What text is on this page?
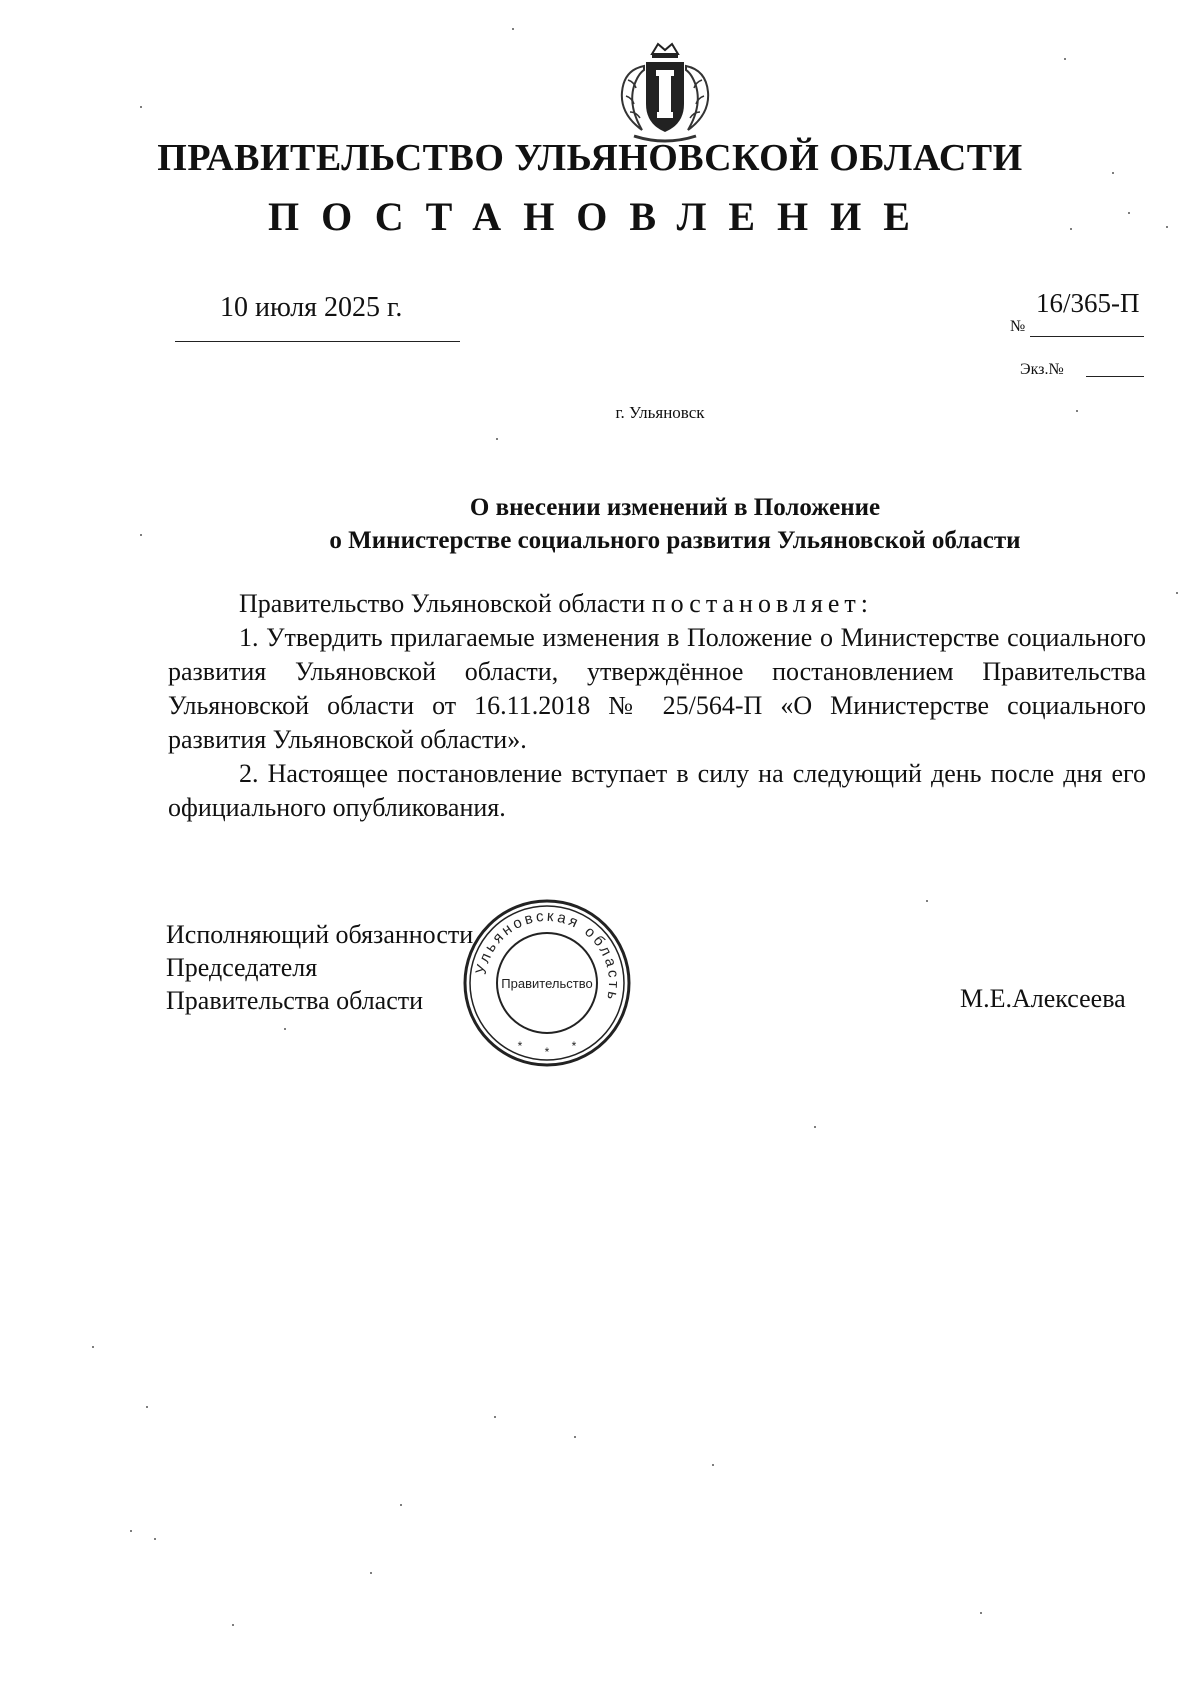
ПРАВИТЕЛЬСТВО УЛЬЯНОВСКОЙ ОБЛАСТИ
ПОСТАНОВЛЕНИЕ
10 июля 2025 г.
№
16/365-П
Экз.№
г. Ульяновск
О внесении изменений в Положение
о Министерстве социального развития Ульяновской области

Правительство Ульяновской области постановляет:

1. Утвердить прилагаемые изменения в Положение о Министерстве социального развития Ульяновской области, утверждённое постановлением Правительства Ульяновской области от 16.11.2018 № 25/564-П «О Министерстве социального развития Ульяновской области».

2. Настоящее постановление вступает в силу на следующий день после дня его официального опубликования.

Исполняющий обязанности
Председателя
Правительства области	М.Е.Алексеева
Ульяновская область
Правительство
* * *
